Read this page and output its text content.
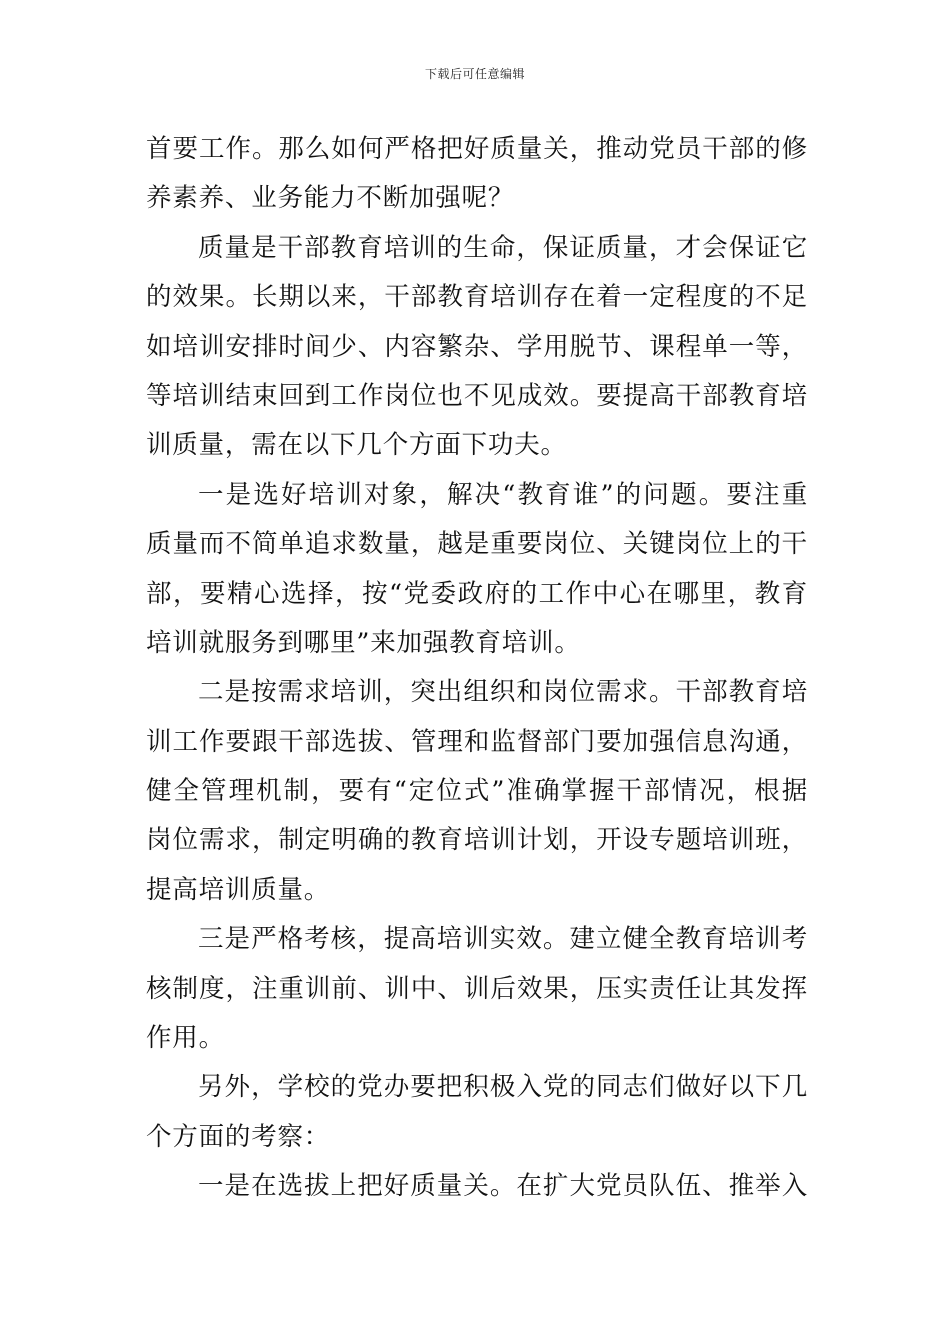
下载后可任意编辑
首要工作。那么如何严格把好质量关，推动党员干部的修
养素养、业务能力不断加强呢？
质量是干部教育培训的生命，保证质量，才会保证它
的效果。长期以来，干部教育培训存在着一定程度的不足
如培训安排时间少、内容繁杂、学用脱节、课程单一等，
等培训结束回到工作岗位也不见成效。要提高干部教育培
训质量，需在以下几个方面下功夫。
一是选好培训对象，解决“教育谁”的问题。要注重
质量而不简单追求数量，越是重要岗位、关键岗位上的干
部，要精心选择，按“党委政府的工作中心在哪里，教育
培训就服务到哪里”来加强教育培训。
二是按需求培训，突出组织和岗位需求。干部教育培
训工作要跟干部选拔、管理和监督部门要加强信息沟通，
健全管理机制，要有“定位式”准确掌握干部情况，根据
岗位需求，制定明确的教育培训计划，开设专题培训班，
提高培训质量。
三是严格考核，提高培训实效。建立健全教育培训考
核制度，注重训前、训中、训后效果，压实责任让其发挥
作用。
另外，学校的党办要把积极入党的同志们做好以下几
个方面的考察：
一是在选拔上把好质量关。在扩大党员队伍、推举入
